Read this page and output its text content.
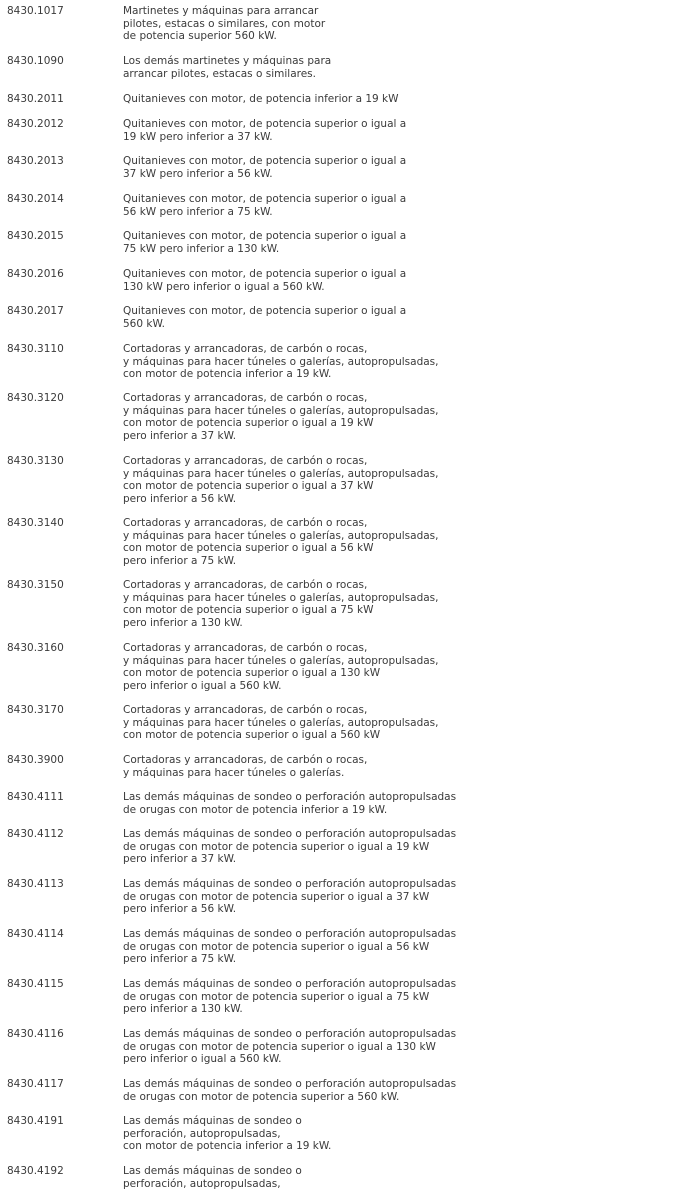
8430.1017	Martinetes y máquinas para arrancar
pilotes, estacas o similares, con motor
de potencia superior 560 kW.

8430.1090	Los demás martinetes y máquinas para
arrancar pilotes, estacas o similares.

8430.2011	Quitanieves con motor, de potencia inferior a 19 kW

8430.2012	Quitanieves con motor, de potencia superior o igual a
19 kW pero inferior a 37 kW.

8430.2013	Quitanieves con motor, de potencia superior o igual a
37 kW pero inferior a 56 kW.

8430.2014	Quitanieves con motor, de potencia superior o igual a
56 kW pero inferior a 75 kW.

8430.2015	Quitanieves con motor, de potencia superior o igual a
75 kW pero inferior a 130 kW.

8430.2016	Quitanieves con motor, de potencia superior o igual a
130 kW pero inferior o igual a 560 kW.

8430.2017	Quitanieves con motor, de potencia superior o igual a
560 kW.

8430.3110	Cortadoras y arrancadoras, de carbón o rocas,
y máquinas para hacer túneles o galerías, autopropulsadas,
con motor de potencia inferior a 19 kW.

8430.3120	Cortadoras y arrancadoras, de carbón o rocas,
y máquinas para hacer túneles o galerías, autopropulsadas,
con motor de potencia superior o igual a 19 kW
pero inferior a 37 kW.

8430.3130	Cortadoras y arrancadoras, de carbón o rocas,
y máquinas para hacer túneles o galerías, autopropulsadas,
con motor de potencia superior o igual a 37 kW
pero inferior a 56 kW.

8430.3140	Cortadoras y arrancadoras, de carbón o rocas,
y máquinas para hacer túneles o galerías, autopropulsadas,
con motor de potencia superior o igual a 56 kW
pero inferior a 75 kW.

8430.3150	Cortadoras y arrancadoras, de carbón o rocas,
y máquinas para hacer túneles o galerías, autopropulsadas,
con motor de potencia superior o igual a 75 kW
pero inferior a 130 kW.

8430.3160	Cortadoras y arrancadoras, de carbón o rocas,
y máquinas para hacer túneles o galerías, autopropulsadas,
con motor de potencia superior o igual a 130 kW
pero inferior o igual a 560 kW.

8430.3170	Cortadoras y arrancadoras, de carbón o rocas,
y máquinas para hacer túneles o galerías, autopropulsadas,
con motor de potencia superior o igual a 560 kW

8430.3900	Cortadoras y arrancadoras, de carbón o rocas,
y máquinas para hacer túneles o galerías.

8430.4111	Las demás máquinas de sondeo o perforación autopropulsadas
de orugas con motor de potencia inferior a 19 kW.

8430.4112	Las demás máquinas de sondeo o perforación autopropulsadas
de orugas con motor de potencia superior o igual a 19 kW
pero inferior a 37 kW.

8430.4113	Las demás máquinas de sondeo o perforación autopropulsadas
de orugas con motor de potencia superior o igual a 37 kW
pero inferior a 56 kW.

8430.4114	Las demás máquinas de sondeo o perforación autopropulsadas
de orugas con motor de potencia superior o igual a 56 kW
pero inferior a 75 kW.

8430.4115	Las demás máquinas de sondeo o perforación autopropulsadas
de orugas con motor de potencia superior o igual a 75 kW
pero inferior a 130 kW.

8430.4116	Las demás máquinas de sondeo o perforación autopropulsadas
de orugas con motor de potencia superior o igual a 130 kW
pero inferior o igual a 560 kW.

8430.4117	Las demás máquinas de sondeo o perforación autopropulsadas
de orugas con motor de potencia superior a 560 kW.

8430.4191	Las demás máquinas de sondeo o
perforación, autopropulsadas,
con motor de potencia inferior a 19 kW.

8430.4192	Las demás máquinas de sondeo o
perforación, autopropulsadas,
